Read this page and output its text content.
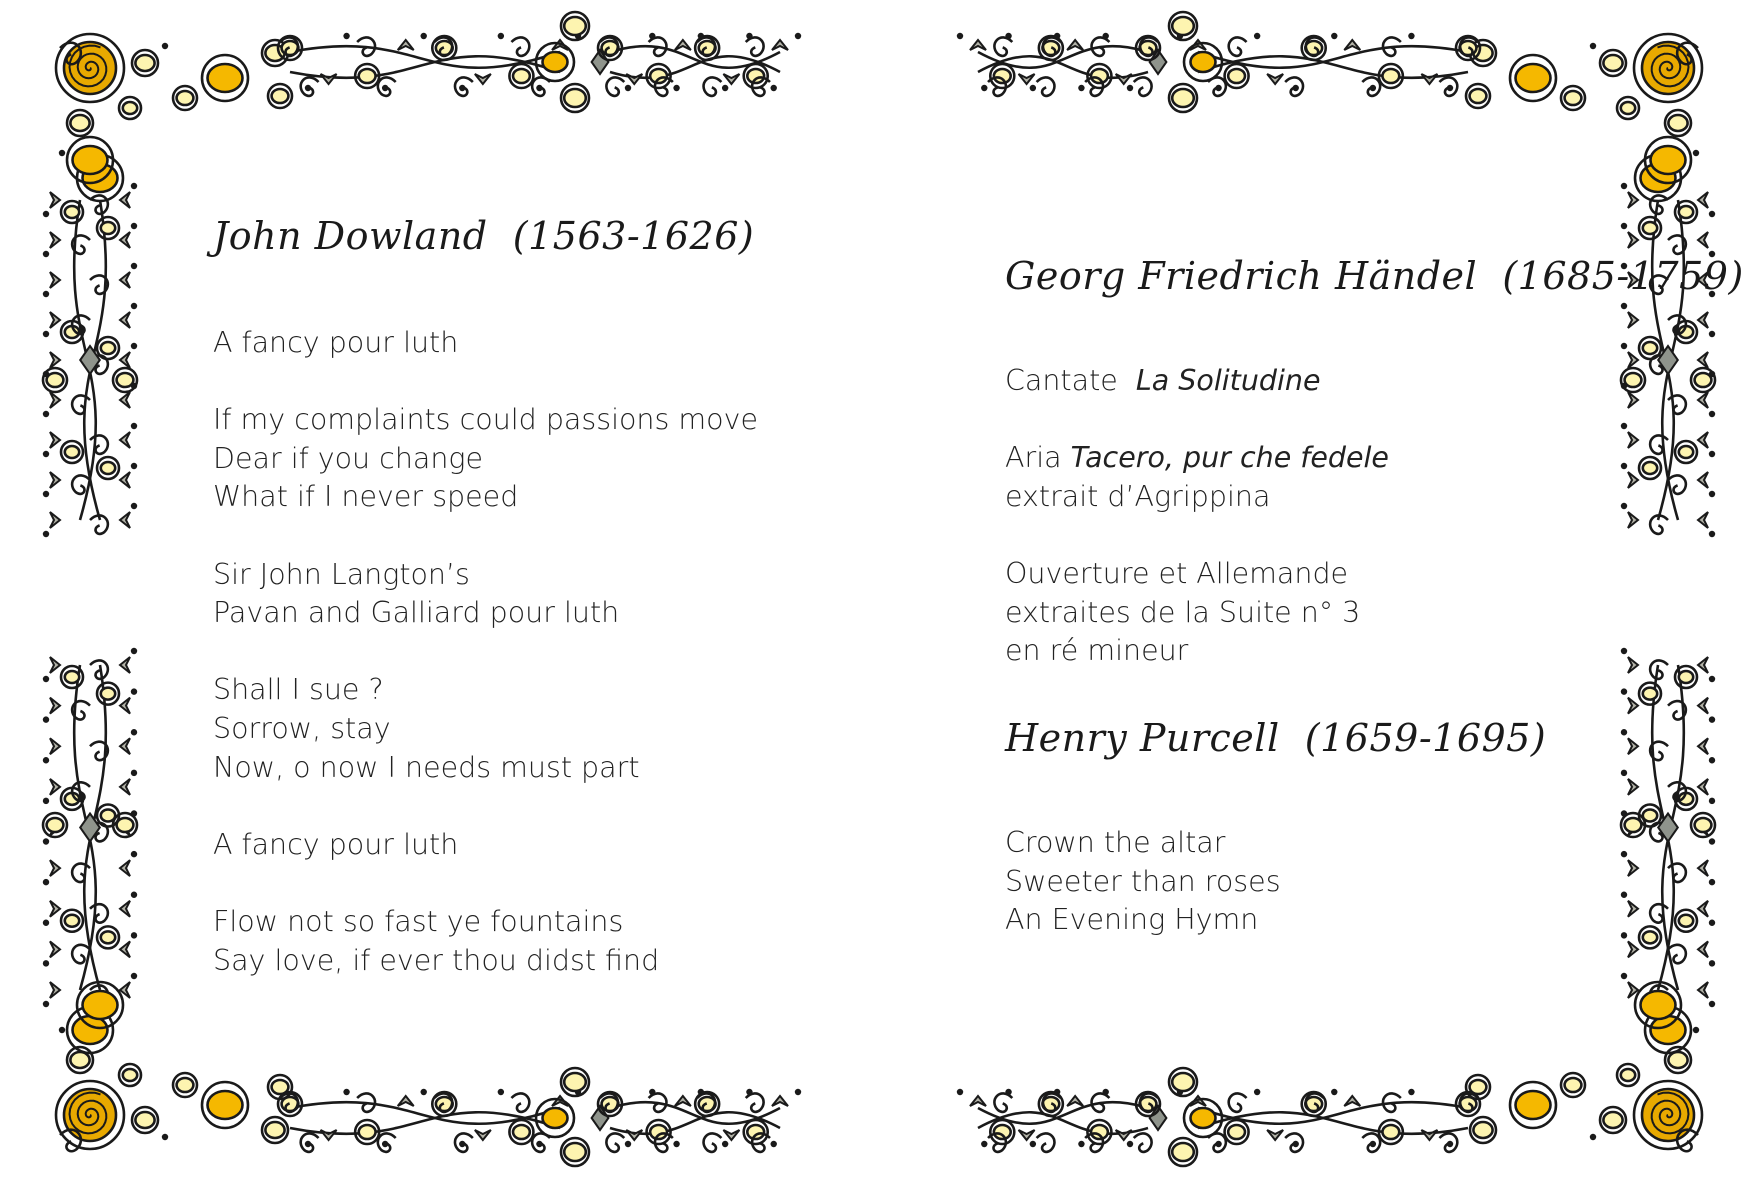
John Dowland (1563-1626)
A fancy pour luth
If my complaints could passions move
Dear if you change
What if I never speed
Sir John Langton’s
Pavan and Galliard pour luth
Shall I sue ?
Sorrow, stay
Now, o now I needs must part
A fancy pour luth
Flow not so fast ye fountains
Say love, if ever thou didst find
Georg Friedrich Händel (1685-1759)
Cantate La Solitudine
Aria Tacero, pur che fedele
extrait d’Agrippina
Ouverture et Allemande
extraites de la Suite n° 3
en ré mineur
Henry Purcell (1659-1695)
Crown the altar
Sweeter than roses
An Evening Hymn
